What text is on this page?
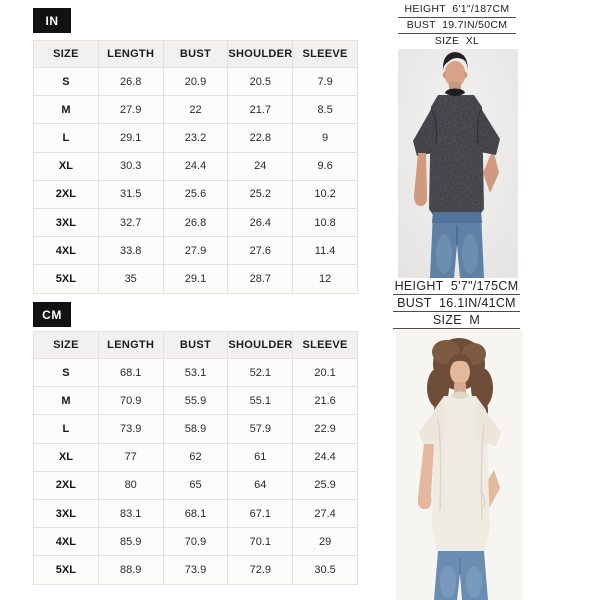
IN
SIZE	LENGTH	BUST	SHOULDER	SLEEVE
S	26.8	20.9	20.5	7.9
M	27.9	22	21.7	8.5
L	29.1	23.2	22.8	9
XL	30.3	24.4	24	9.6
2XL	31.5	25.6	25.2	10.2
3XL	32.7	26.8	26.4	10.8
4XL	33.8	27.9	27.6	11.4
5XL	35	29.1	28.7	12
CM
SIZE	LENGTH	BUST	SHOULDER	SLEEVE
S	68.1	53.1	52.1	20.1
M	70.9	55.9	55.1	21.6
L	73.9	58.9	57.9	22.9
XL	77	62	61	24.4
2XL	80	65	64	25.9
3XL	83.1	68.1	67.1	27.4
4XL	85.9	70.9	70.1	29
5XL	88.9	73.9	72.9	30.5
HEIGHT  6'1"/187CM
BUST  19.7IN/50CM
SIZE  XL
HEIGHT  5'7"/175CM
BUST  16.1IN/41CM
SIZE  M
